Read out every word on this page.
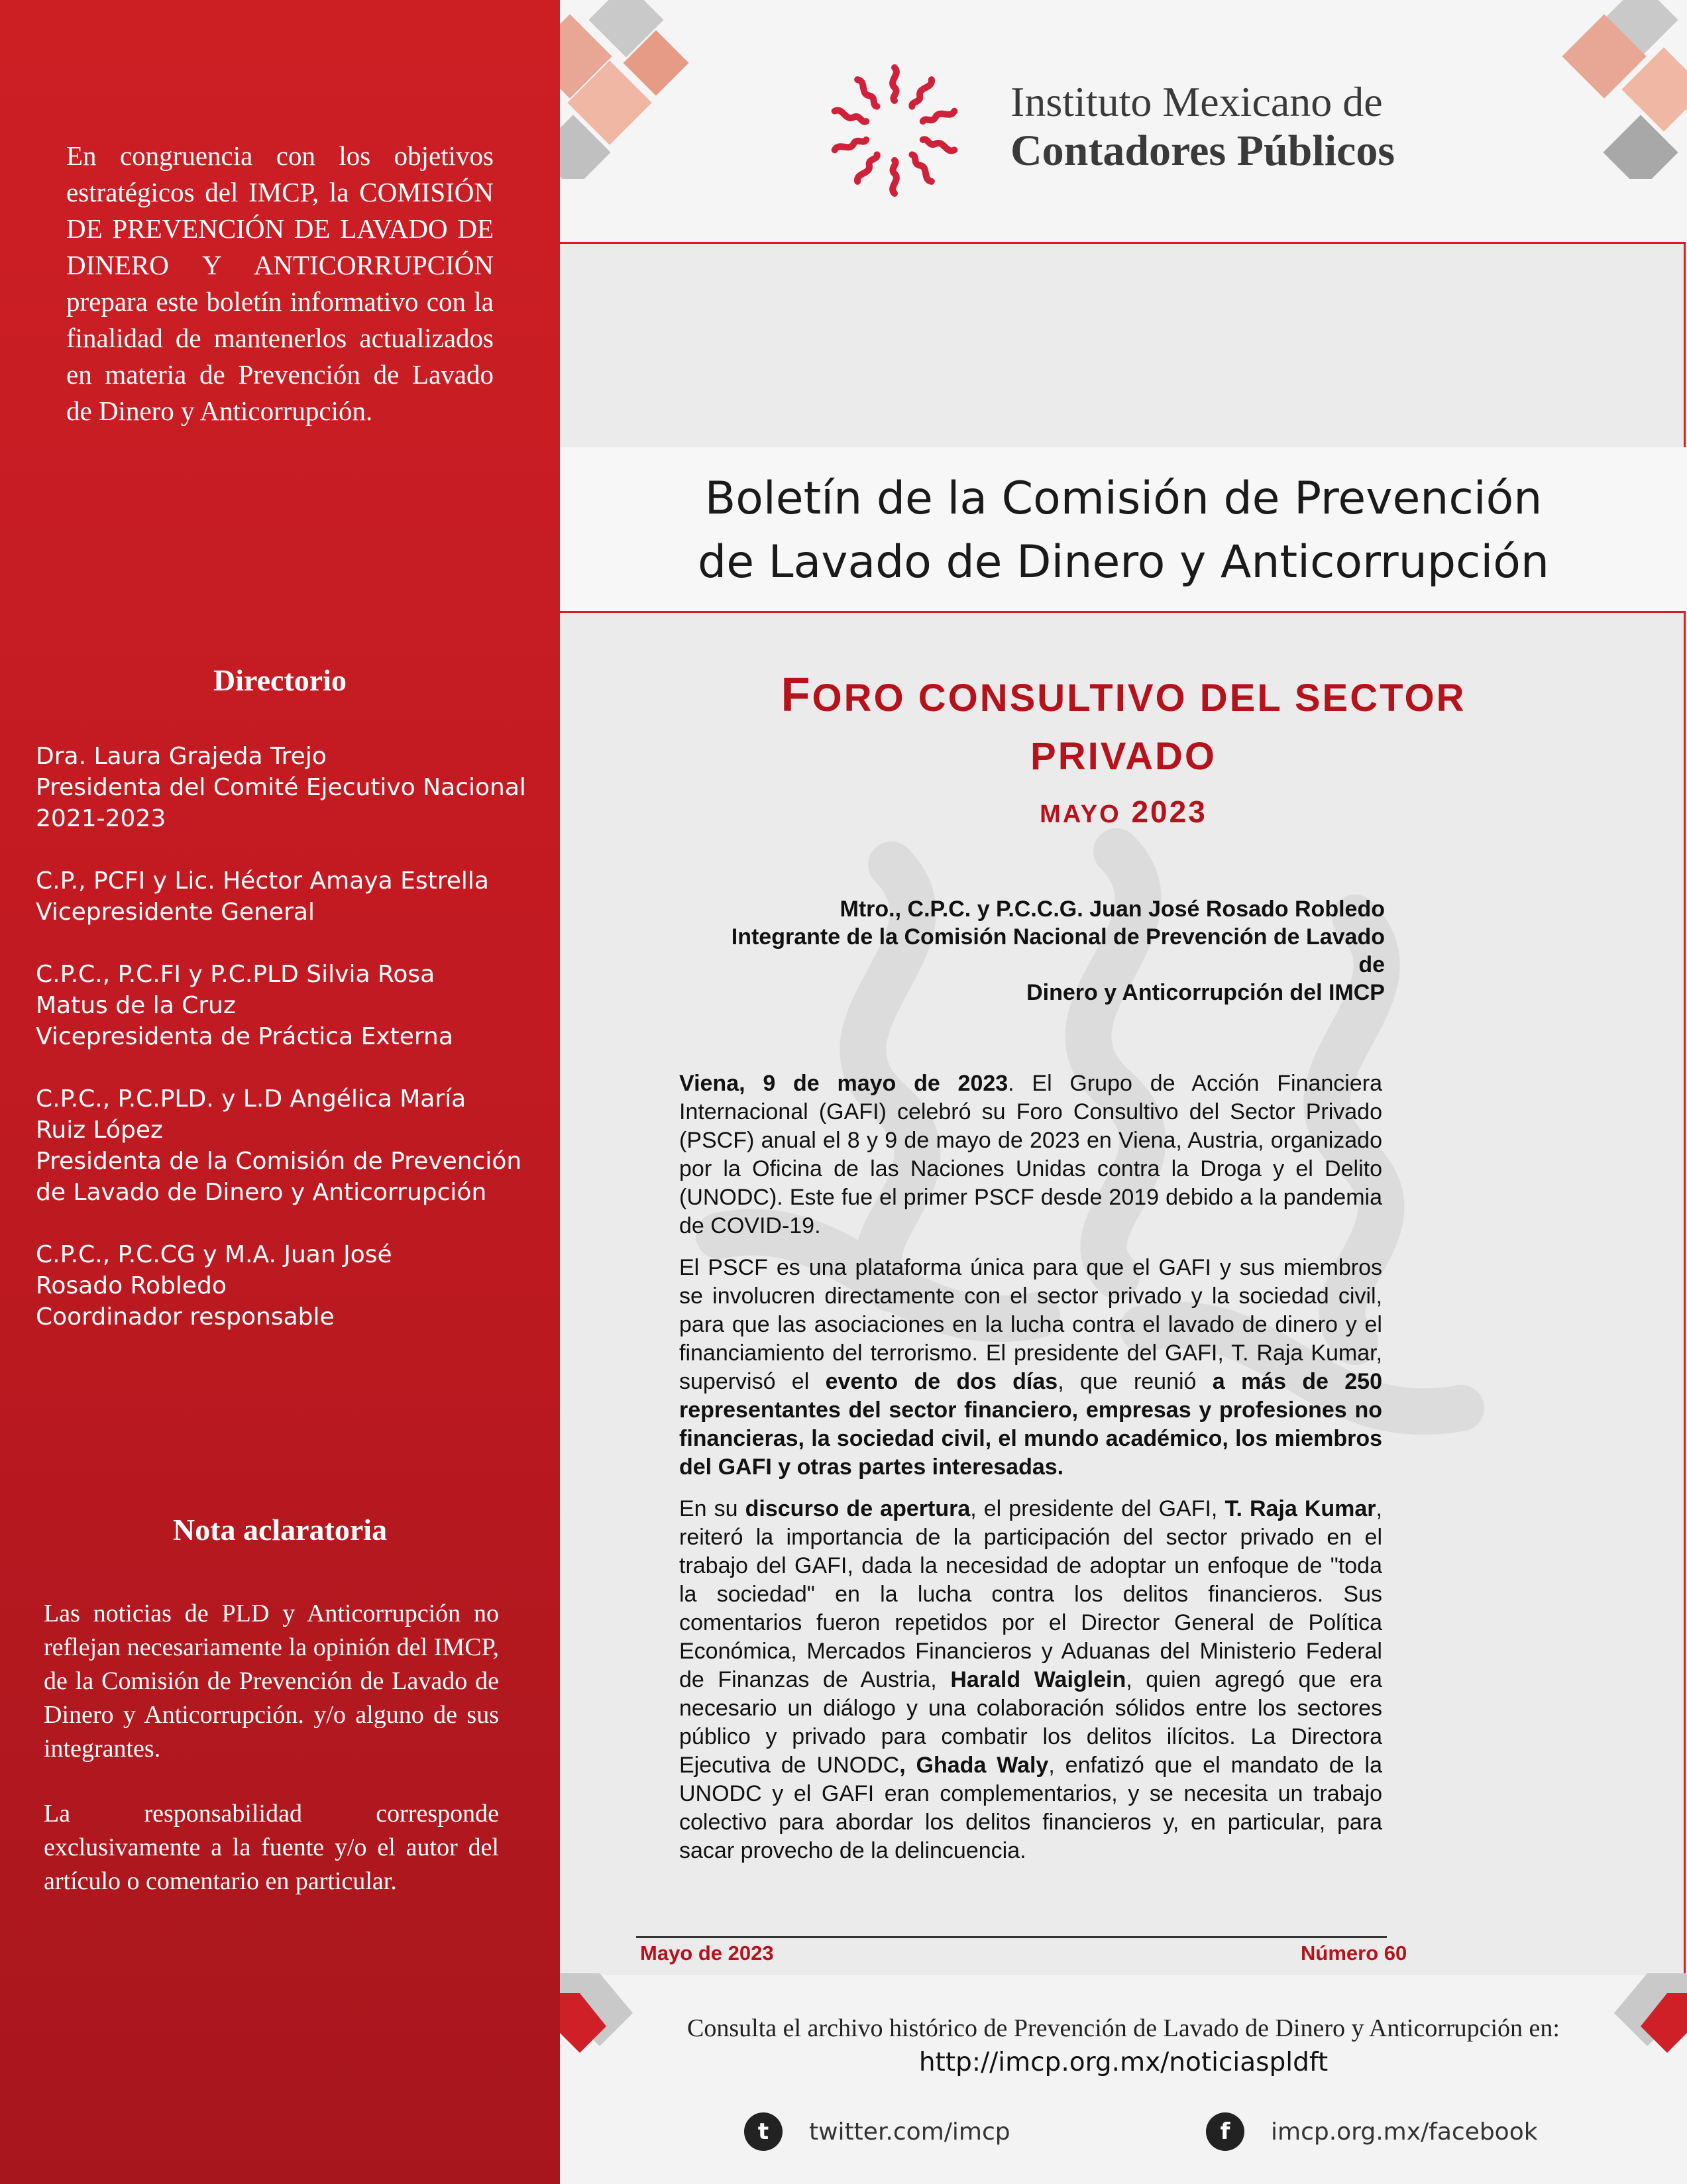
En congruencia con los objetivos estratégicos del IMCP, la COMISIÓN DE PREVENCIÓN DE LAVADO DE DINERO Y ANTICORRUPCIÓN prepara este boletín informativo con la finalidad de mantenerlos actualizados en materia de Prevención de Lavado de Dinero y Anticorrupción.
Directorio
Dra. Laura Grajeda Trejo
Presidenta del Comité Ejecutivo Nacional
2021-2023
C.P., PCFI y Lic. Héctor Amaya Estrella
Vicepresidente General
C.P.C., P.C.FI y P.C.PLD Silvia Rosa
Matus de la Cruz
Vicepresidenta de Práctica Externa
C.P.C., P.C.PLD. y L.D Angélica María
Ruiz López
Presidenta de la Comisión de Prevención
de Lavado de Dinero y Anticorrupción
C.P.C., P.C.CG y M.A. Juan José
Rosado Robledo
Coordinador responsable
Nota aclaratoria
Las noticias de PLD y Anticorrupción no reflejan necesariamente la opinión del IMCP, de la Comisión de Prevención de Lavado de Dinero y Anticorrupción. y/o alguno de sus integrantes.
La responsabilidad corresponde exclusivamente a la fuente y/o el autor del artículo o comentario en particular.
Instituto Mexicano de
Contadores Públicos
Boletín de la Comisión de Prevención
de Lavado de Dinero y Anticorrupción
FORO CONSULTIVO DEL SECTOR
PRIVADO
MAYO 2023
Mtro., C.P.C. y P.C.C.G. Juan José Rosado Robledo
Integrante de la Comisión Nacional de Prevención de Lavado de
Dinero y Anticorrupción del IMCP

Viena, 9 de mayo de 2023. El Grupo de Acción Financiera Internacional (GAFI) celebró su Foro Consultivo del Sector Privado (PSCF) anual el 8 y 9 de mayo de 2023 en Viena, Austria, organizado por la Oficina de las Naciones Unidas contra la Droga y el Delito (UNODC). Este fue el primer PSCF desde 2019 debido a la pandemia de COVID-19.

El PSCF es una plataforma única para que el GAFI y sus miembros se involucren directamente con el sector privado y la sociedad civil, para que las asociaciones en la lucha contra el lavado de dinero y el financiamiento del terrorismo. El presidente del GAFI, T. Raja Kumar, supervisó el evento de dos días, que reunió a más de 250 representantes del sector financiero, empresas y profesiones no financieras, la sociedad civil, el mundo académico, los miembros del GAFI y otras partes interesadas.

En su discurso de apertura, el presidente del GAFI, T. Raja Kumar, reiteró la importancia de la participación del sector privado en el trabajo del GAFI, dada la necesidad de adoptar un enfoque de "toda la sociedad" en la lucha contra los delitos financieros. Sus comentarios fueron repetidos por el Director General de Política Económica, Mercados Financieros y Aduanas del Ministerio Federal de Finanzas de Austria, Harald Waiglein, quien agregó que era necesario un diálogo y una colaboración sólidos entre los sectores público y privado para combatir los delitos ilícitos. La Directora Ejecutiva de UNODC, Ghada Waly, enfatizó que el mandato de la UNODC y el GAFI eran complementarios, y se necesita un trabajo colectivo para abordar los delitos financieros y, en particular, para sacar provecho de la delincuencia.

Mayo de 2023	Número 60
Consulta el archivo histórico de Prevención de Lavado de Dinero y Anticorrupción en:
http://imcp.org.mx/noticiaspldft
t	twitter.com/imcp	f	imcp.org.mx/facebook
